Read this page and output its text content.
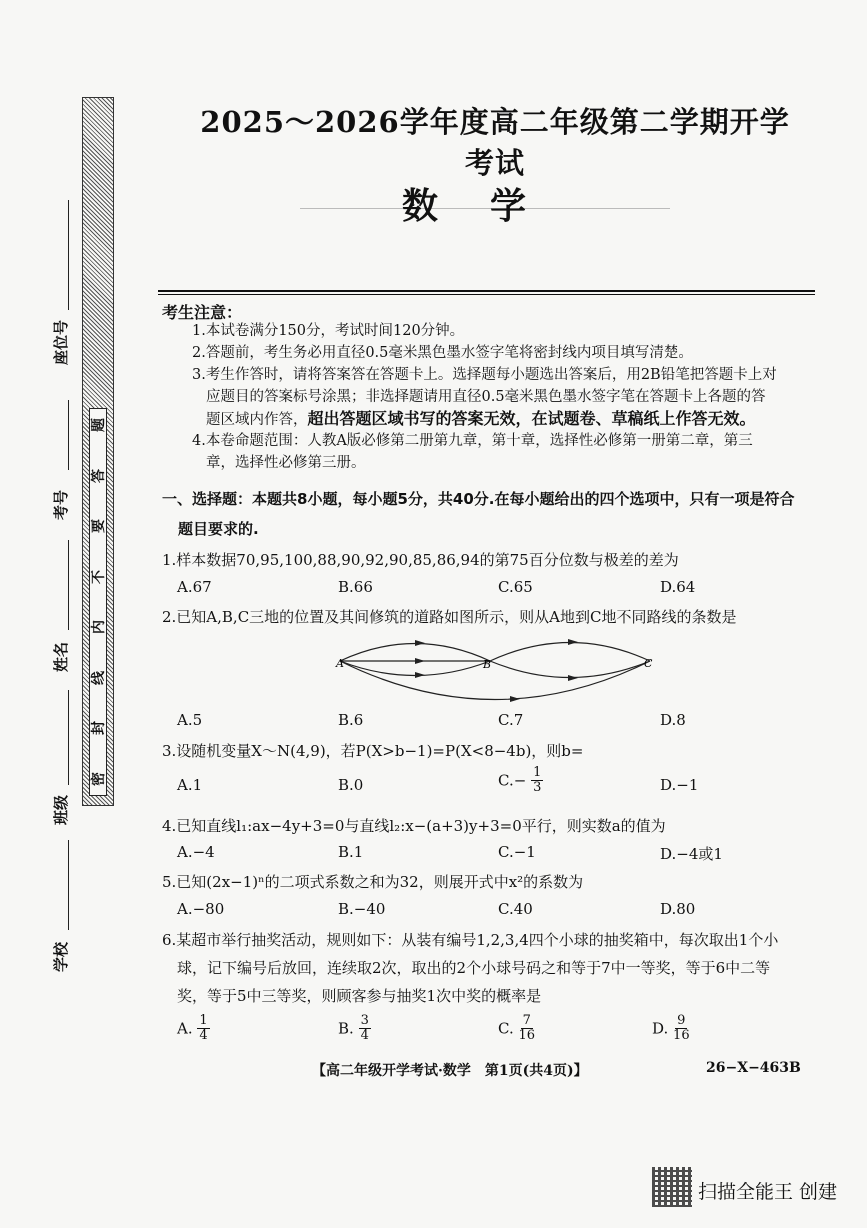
题
答
要
不
内
线
封
密
座位号
考号
姓名
班级
学校
2025～2026学年度高二年级第二学期开学考试
数学
考生注意：
1.本试卷满分150分，考试时间120分钟。
2.答题前，考生务必用直径0.5毫米黑色墨水签字笔将密封线内项目填写清楚。
3.考生作答时，请将答案答在答题卡上。选择题每小题选出答案后，用2B铅笔把答题卡上对
应题目的答案标号涂黑；非选择题请用直径0.5毫米黑色墨水签字笔在答题卡上各题的答
题区域内作答，超出答题区域书写的答案无效，在试题卷、草稿纸上作答无效。
4.本卷命题范围：人教A版必修第二册第九章，第十章，选择性必修第一册第二章，第三
章，选择性必修第三册。
一、选择题：本题共8小题，每小题5分，共40分.在每小题给出的四个选项中，只有一项是符合
题目要求的.
1.样本数据70,95,100,88,90,92,90,85,86,94的第75百分位数与极差的差为
A.67	B.66	C.65	D.64
2.已知A,B,C三地的位置及其间修筑的道路如图所示，则从A地到C地不同路线的条数是
A	B	C
A.5	B.6	C.7	D.8
3.设随机变量X～N(4,9)，若P(X>b−1)=P(X<8−4b)，则b=
A.1	B.0	$C.- \frac{1}{3}$	D.−1
4.已知直线l₁:ax−4y+3=0与直线l₂:x−(a+3)y+3=0平行，则实数a的值为
A.−4	B.1	C.−1	D.−4或1
5.已知(2x−1)ⁿ的二项式系数之和为32，则展开式中x²的系数为
A.−80	B.−40	C.40	D.80
6.某超市举行抽奖活动，规则如下：从装有编号1,2,3,4四个小球的抽奖箱中，每次取出1个小
球，记下编号后放回，连续取2次，取出的2个小球号码之和等于7中一等奖，等于6中二等
奖，等于5中三等奖，则顾客参与抽奖1次中奖的概率是
A. $\frac{1}{4}$	B. $\frac{3}{4}$	C. $\frac{7}{16}$	D. $\frac{9}{16}$
【高二年级开学考试·数学　第1页(共4页)】	26−X−463B
扫描全能王 创建
